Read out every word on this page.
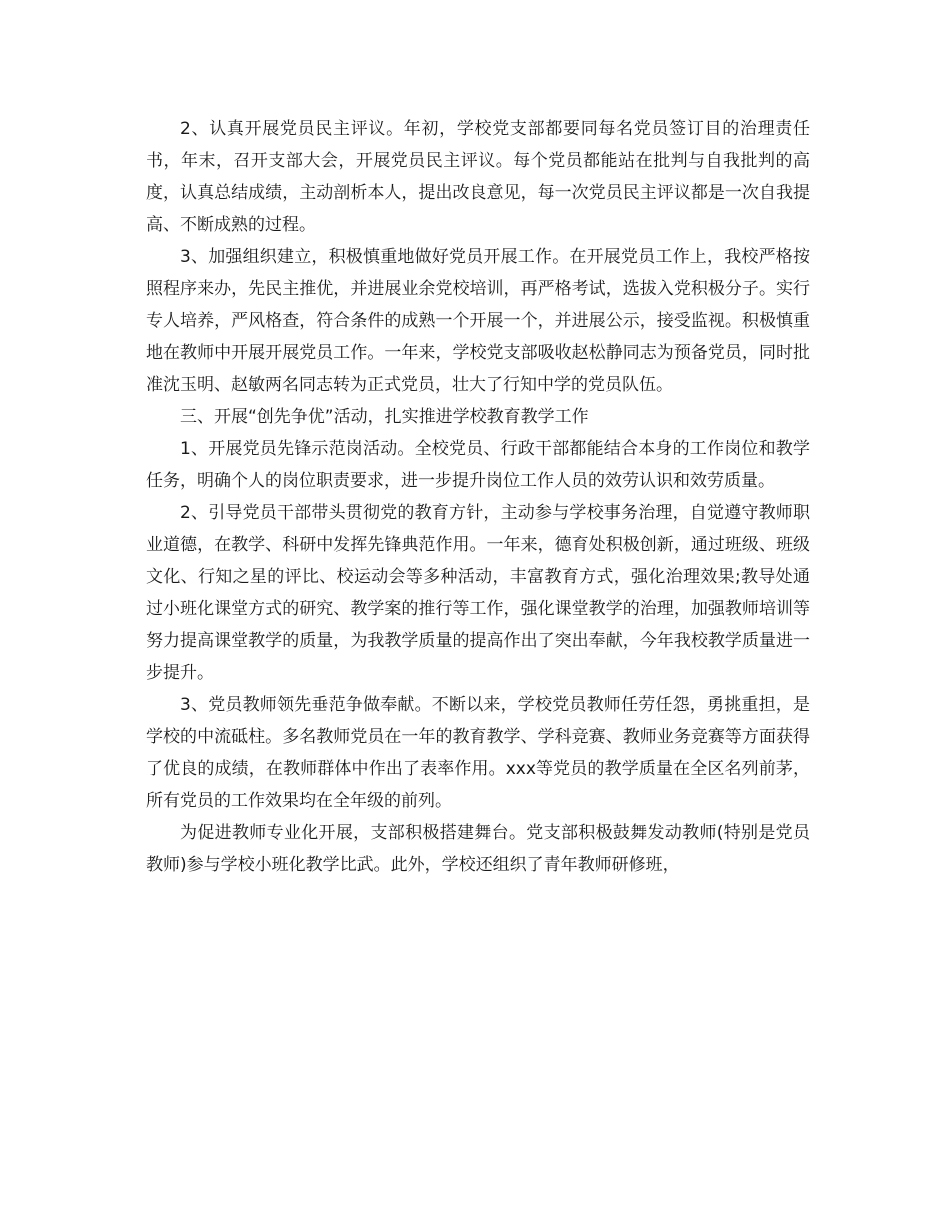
2、认真开展党员民主评议。年初，学校党支部都要同每名党员签订目的治理责任书，年末，召开支部大会，开展党员民主评议。每个党员都能站在批判与自我批判的高度，认真总结成绩，主动剖析本人，提出改良意见，每一次党员民主评议都是一次自我提高、不断成熟的过程。

3、加强组织建立，积极慎重地做好党员开展工作。在开展党员工作上，我校严格按照程序来办，先民主推优，并进展业余党校培训，再严格考试，选拔入党积极分子。实行专人培养，严风格查，符合条件的成熟一个开展一个，并进展公示，接受监视。积极慎重地在教师中开展开展党员工作。一年来，学校党支部吸收赵松静同志为预备党员，同时批准沈玉明、赵敏两名同志转为正式党员，壮大了行知中学的党员队伍。

三、开展“创先争优”活动，扎实推进学校教育教学工作

1、开展党员先锋示范岗活动。全校党员、行政干部都能结合本身的工作岗位和教学任务，明确个人的岗位职责要求，进一步提升岗位工作人员的效劳认识和效劳质量。

2、引导党员干部带头贯彻党的教育方针，主动参与学校事务治理，自觉遵守教师职业道德，在教学、科研中发挥先锋典范作用。一年来，德育处积极创新，通过班级、班级文化、行知之星的评比、校运动会等多种活动，丰富教育方式，强化治理效果;教导处通过小班化课堂方式的研究、教学案的推行等工作，强化课堂教学的治理，加强教师培训等努力提高课堂教学的质量，为我教学质量的提高作出了突出奉献，今年我校教学质量进一步提升。

3、党员教师领先垂范争做奉献。不断以来，学校党员教师任劳任怨，勇挑重担，是学校的中流砥柱。多名教师党员在一年的教育教学、学科竞赛、教师业务竞赛等方面获得了优良的成绩，在教师群体中作出了表率作用。xxx等党员的教学质量在全区名列前茅，所有党员的工作效果均在全年级的前列。

为促进教师专业化开展，支部积极搭建舞台。党支部积极鼓舞发动教师(特别是党员教师)参与学校小班化教学比武。此外，学校还组织了青年教师研修班，
